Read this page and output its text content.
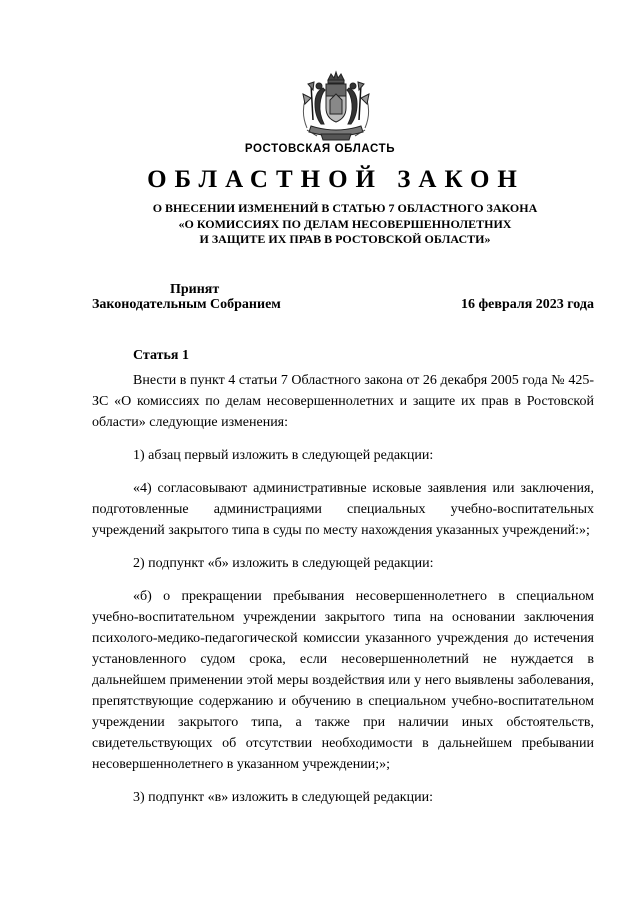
РОСТОВСКАЯ ОБЛАСТЬ
ОБЛАСТНОЙ ЗАКОН
О ВНЕСЕНИИ ИЗМЕНЕНИЙ В СТАТЬЮ 7 ОБЛАСТНОГО ЗАКОНА
«О КОМИССИЯХ ПО ДЕЛАМ НЕСОВЕРШЕННОЛЕТНИХ
И ЗАЩИТЕ ИХ ПРАВ В РОСТОВСКОЙ ОБЛАСТИ»
Принят
Законодательным Собранием	16 февраля 2023 года
Статья 1

Внести в пункт 4 статьи 7 Областного закона от 26 декабря 2005 года № 425-ЗС «О комиссиях по делам несовершеннолетних и защите их прав в Ростовской области» следующие изменения:

1) абзац первый изложить в следующей редакции:

«4) согласовывают административные исковые заявления или заключения, подготовленные администрациями специальных учебно-воспитательных учреждений закрытого типа в суды по месту нахождения указанных учреждений:»;

2) подпункт «б» изложить в следующей редакции:

«б) о прекращении пребывания несовершеннолетнего в специальном учебно-воспитательном учреждении закрытого типа на основании заключения психолого-медико-педагогической комиссии указанного учреждения до истечения установленного судом срока, если несовершеннолетний не нуждается в дальнейшем применении этой меры воздействия или у него выявлены заболевания, препятствующие содержанию и обучению в специальном учебно-воспитательном учреждении закрытого типа, а также при наличии иных обстоятельств, свидетельствующих об отсутствии необходимости в дальнейшем пребывании несовершеннолетнего в указанном учреждении;»;

3) подпункт «в» изложить в следующей редакции:
